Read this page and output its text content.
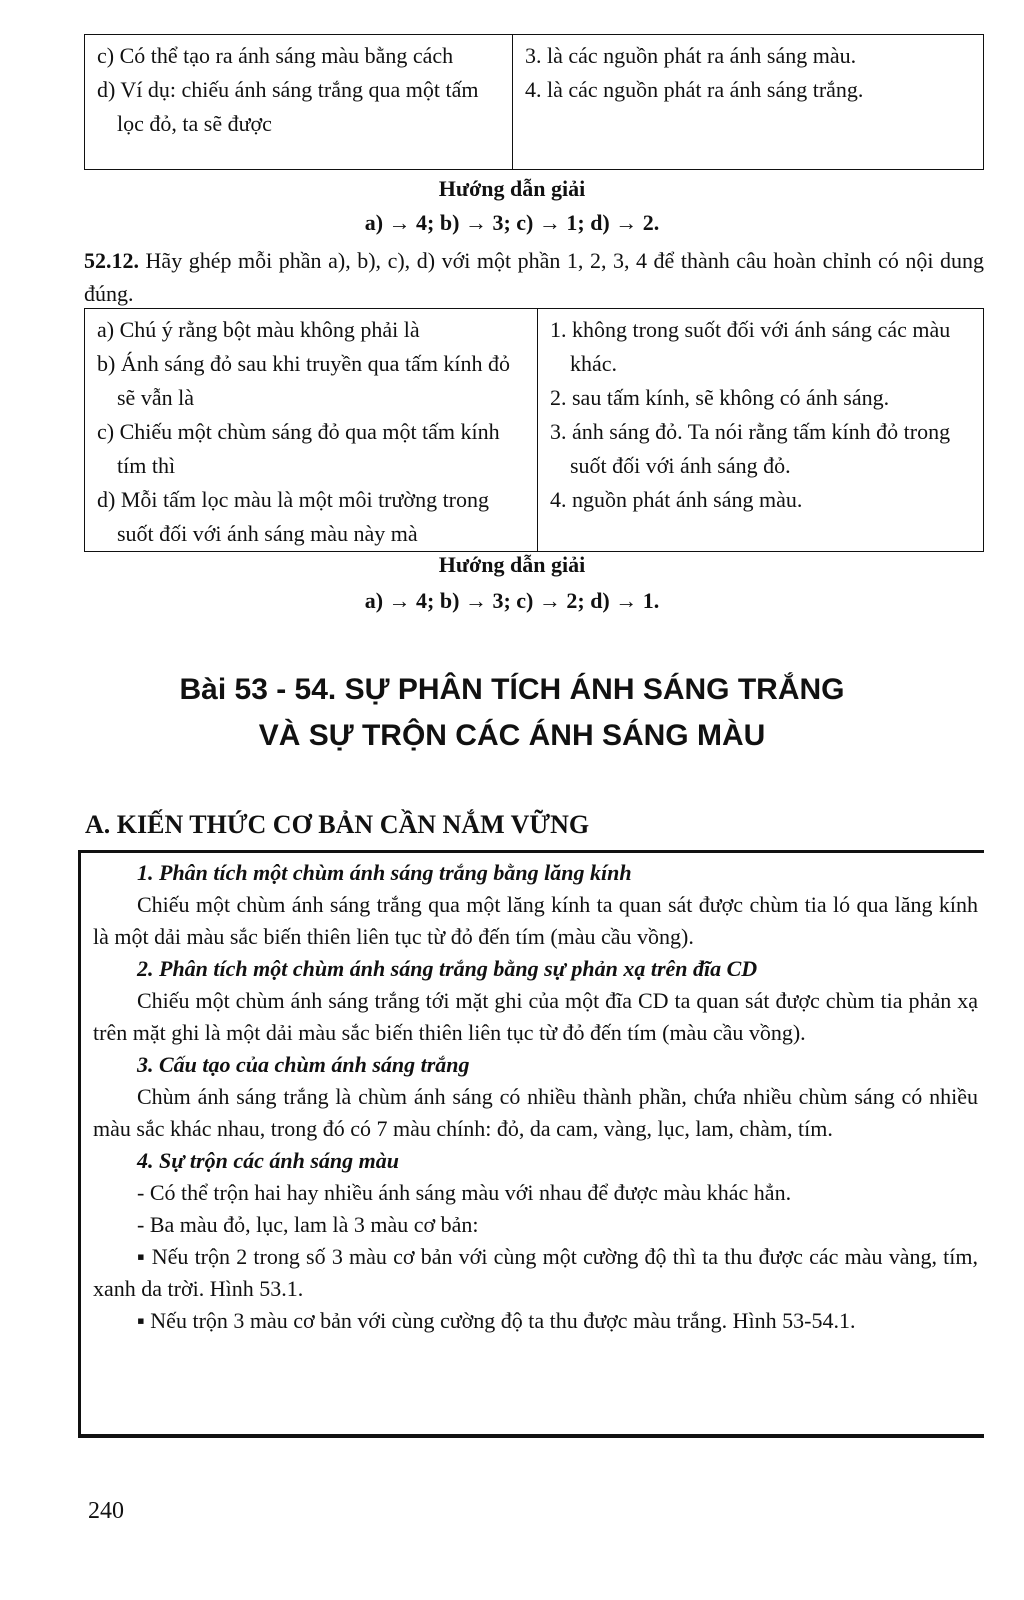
c) Có thể tạo ra ánh sáng màu bằng cách
d) Ví dụ: chiếu ánh sáng trắng qua một tấm lọc đỏ, ta sẽ được

3. là các nguồn phát ra ánh sáng màu.
4. là các nguồn phát ra ánh sáng trắng.
Hướng dẫn giải
a) → 4; b) → 3; c) → 1; d) → 2.
52.12. Hãy ghép mỗi phần a), b), c), d) với một phần 1, 2, 3, 4 để thành câu hoàn chỉnh có nội dung đúng.
a) Chú ý rằng bột màu không phải là
b) Ánh sáng đỏ sau khi truyền qua tấm kính đỏ sẽ vẫn là
c) Chiếu một chùm sáng đỏ qua một tấm kính tím thì
d) Mỗi tấm lọc màu là một môi trường trong suốt đối với ánh sáng màu này mà

1. không trong suốt đối với ánh sáng các màu khác.
2. sau tấm kính, sẽ không có ánh sáng.
3. ánh sáng đỏ. Ta nói rằng tấm kính đỏ trong suốt đối với ánh sáng đỏ.
4. nguồn phát ánh sáng màu.
Hướng dẫn giải
a) → 4; b) → 3; c) → 2; d) → 1.
Bài 53 - 54. SỰ PHÂN TÍCH ÁNH SÁNG TRẮNG
VÀ SỰ TRỘN CÁC ÁNH SÁNG MÀU
A. KIẾN THỨC CƠ BẢN CẦN NẮM VỮNG
1. Phân tích một chùm ánh sáng trắng bằng lăng kính
Chiếu một chùm ánh sáng trắng qua một lăng kính ta quan sát được chùm tia ló qua lăng kính là một dải màu sắc biến thiên liên tục từ đỏ đến tím (màu cầu vồng).
2. Phân tích một chùm ánh sáng trắng bằng sự phản xạ trên đĩa CD
Chiếu một chùm ánh sáng trắng tới mặt ghi của một đĩa CD ta quan sát được chùm tia phản xạ trên mặt ghi là một dải màu sắc biến thiên liên tục từ đỏ đến tím (màu cầu vồng).
3. Cấu tạo của chùm ánh sáng trắng
Chùm ánh sáng trắng là chùm ánh sáng có nhiều thành phần, chứa nhiều chùm sáng có nhiều màu sắc khác nhau, trong đó có 7 màu chính: đỏ, da cam, vàng, lục, lam, chàm, tím.
4. Sự trộn các ánh sáng màu
- Có thể trộn hai hay nhiều ánh sáng màu với nhau để được màu khác hẳn.
- Ba màu đỏ, lục, lam là 3 màu cơ bản:
▪ Nếu trộn 2 trong số 3 màu cơ bản với cùng một cường độ thì ta thu được các màu vàng, tím, xanh da trời. Hình 53.1.
▪ Nếu trộn 3 màu cơ bản với cùng cường độ ta thu được màu trắng. Hình 53-54.1.
240
